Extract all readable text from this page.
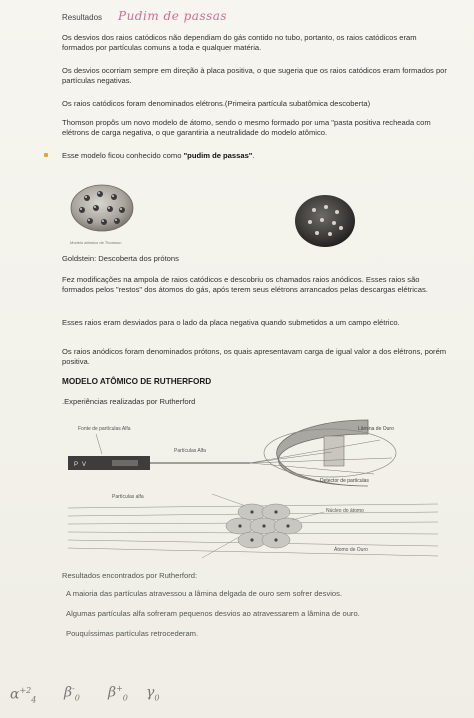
Resultados Pudim de passas
Os desvios dos raios catódicos não dependiam do gás contido no tubo, portanto, os raios catódicos eram formados por partículas comuns a toda e qualquer matéria.
Os desvios ocorriam sempre em direção à placa positiva, o que sugeria que os raios catódicos eram formados por partículas negativas.
Os raios catódicos foram denominados elétrons.(Primeira partícula subatômica descoberta)
Thomson propôs um novo modelo de átomo, sendo o mesmo formado por uma "pasta positiva recheada com elétrons de carga negativa, o que garantiria a neutralidade do modelo atômico.
Esse modelo ficou conhecido como "pudim de passas".
Modelo atômico de Thomson
Goldstein: Descoberta dos prótons
Fez modificações na ampola de raios catódicos e descobriu os chamados raios anódicos. Esses raios são formados pelos "restos" dos átomos do gás, após terem seus elétrons arrancados pelas descargas elétricas.
Esses raios eram desviados para o lado da placa negativa quando submetidos a um campo elétrico.
Os raios anódicos foram denominados prótons, os quais apresentavam carga de igual valor a dos elétrons, porém positiva.
MODELO ATÔMICO DE RUTHERFORD
.Experiências realizadas por Rutherford
P V
Fonte de partículas Alfa
Partículas Alfa
Lâmina de Ouro
Detector de partículas
Partículas alfa
Núcleo do átomo
Átomo de Ouro
Resultados encontrados por Rutherford:
A maioria das partículas atravessou a lâmina delgada de ouro sem sofrer desvios.
Algumas partículas alfa sofreram pequenos desvios ao atravessarem a lâmina de ouro.
Pouquíssimas partículas retrocederam.
$\alpha^{+2}_4$ $\beta^-_0$ $\beta^+_0$ $\gamma_0$
